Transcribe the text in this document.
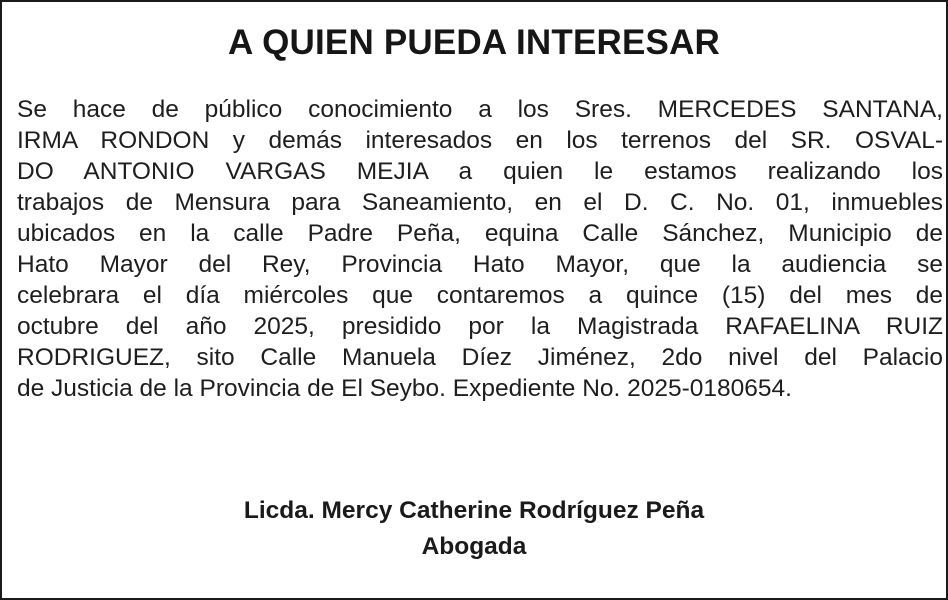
A QUIEN PUEDA INTERESAR
Se hace de público conocimiento a los Sres. MERCEDES SANTANA,
IRMA RONDON y demás interesados en los terrenos del SR. OSVAL-
DO ANTONIO VARGAS MEJIA a quien le estamos realizando los
trabajos de Mensura para Saneamiento, en el D. C. No. 01, inmuebles
ubicados en la calle Padre Peña, equina Calle Sánchez, Municipio de
Hato Mayor del Rey, Provincia Hato Mayor, que la audiencia se
celebrara el día miércoles que contaremos a quince (15) del mes de
octubre del año 2025, presidido por la Magistrada RAFAELINA RUIZ
RODRIGUEZ, sito Calle Manuela Díez Jiménez, 2do nivel del Palacio
de Justicia de la Provincia de El Seybo. Expediente No. 2025-0180654.
Licda. Mercy Catherine Rodríguez Peña
Abogada
